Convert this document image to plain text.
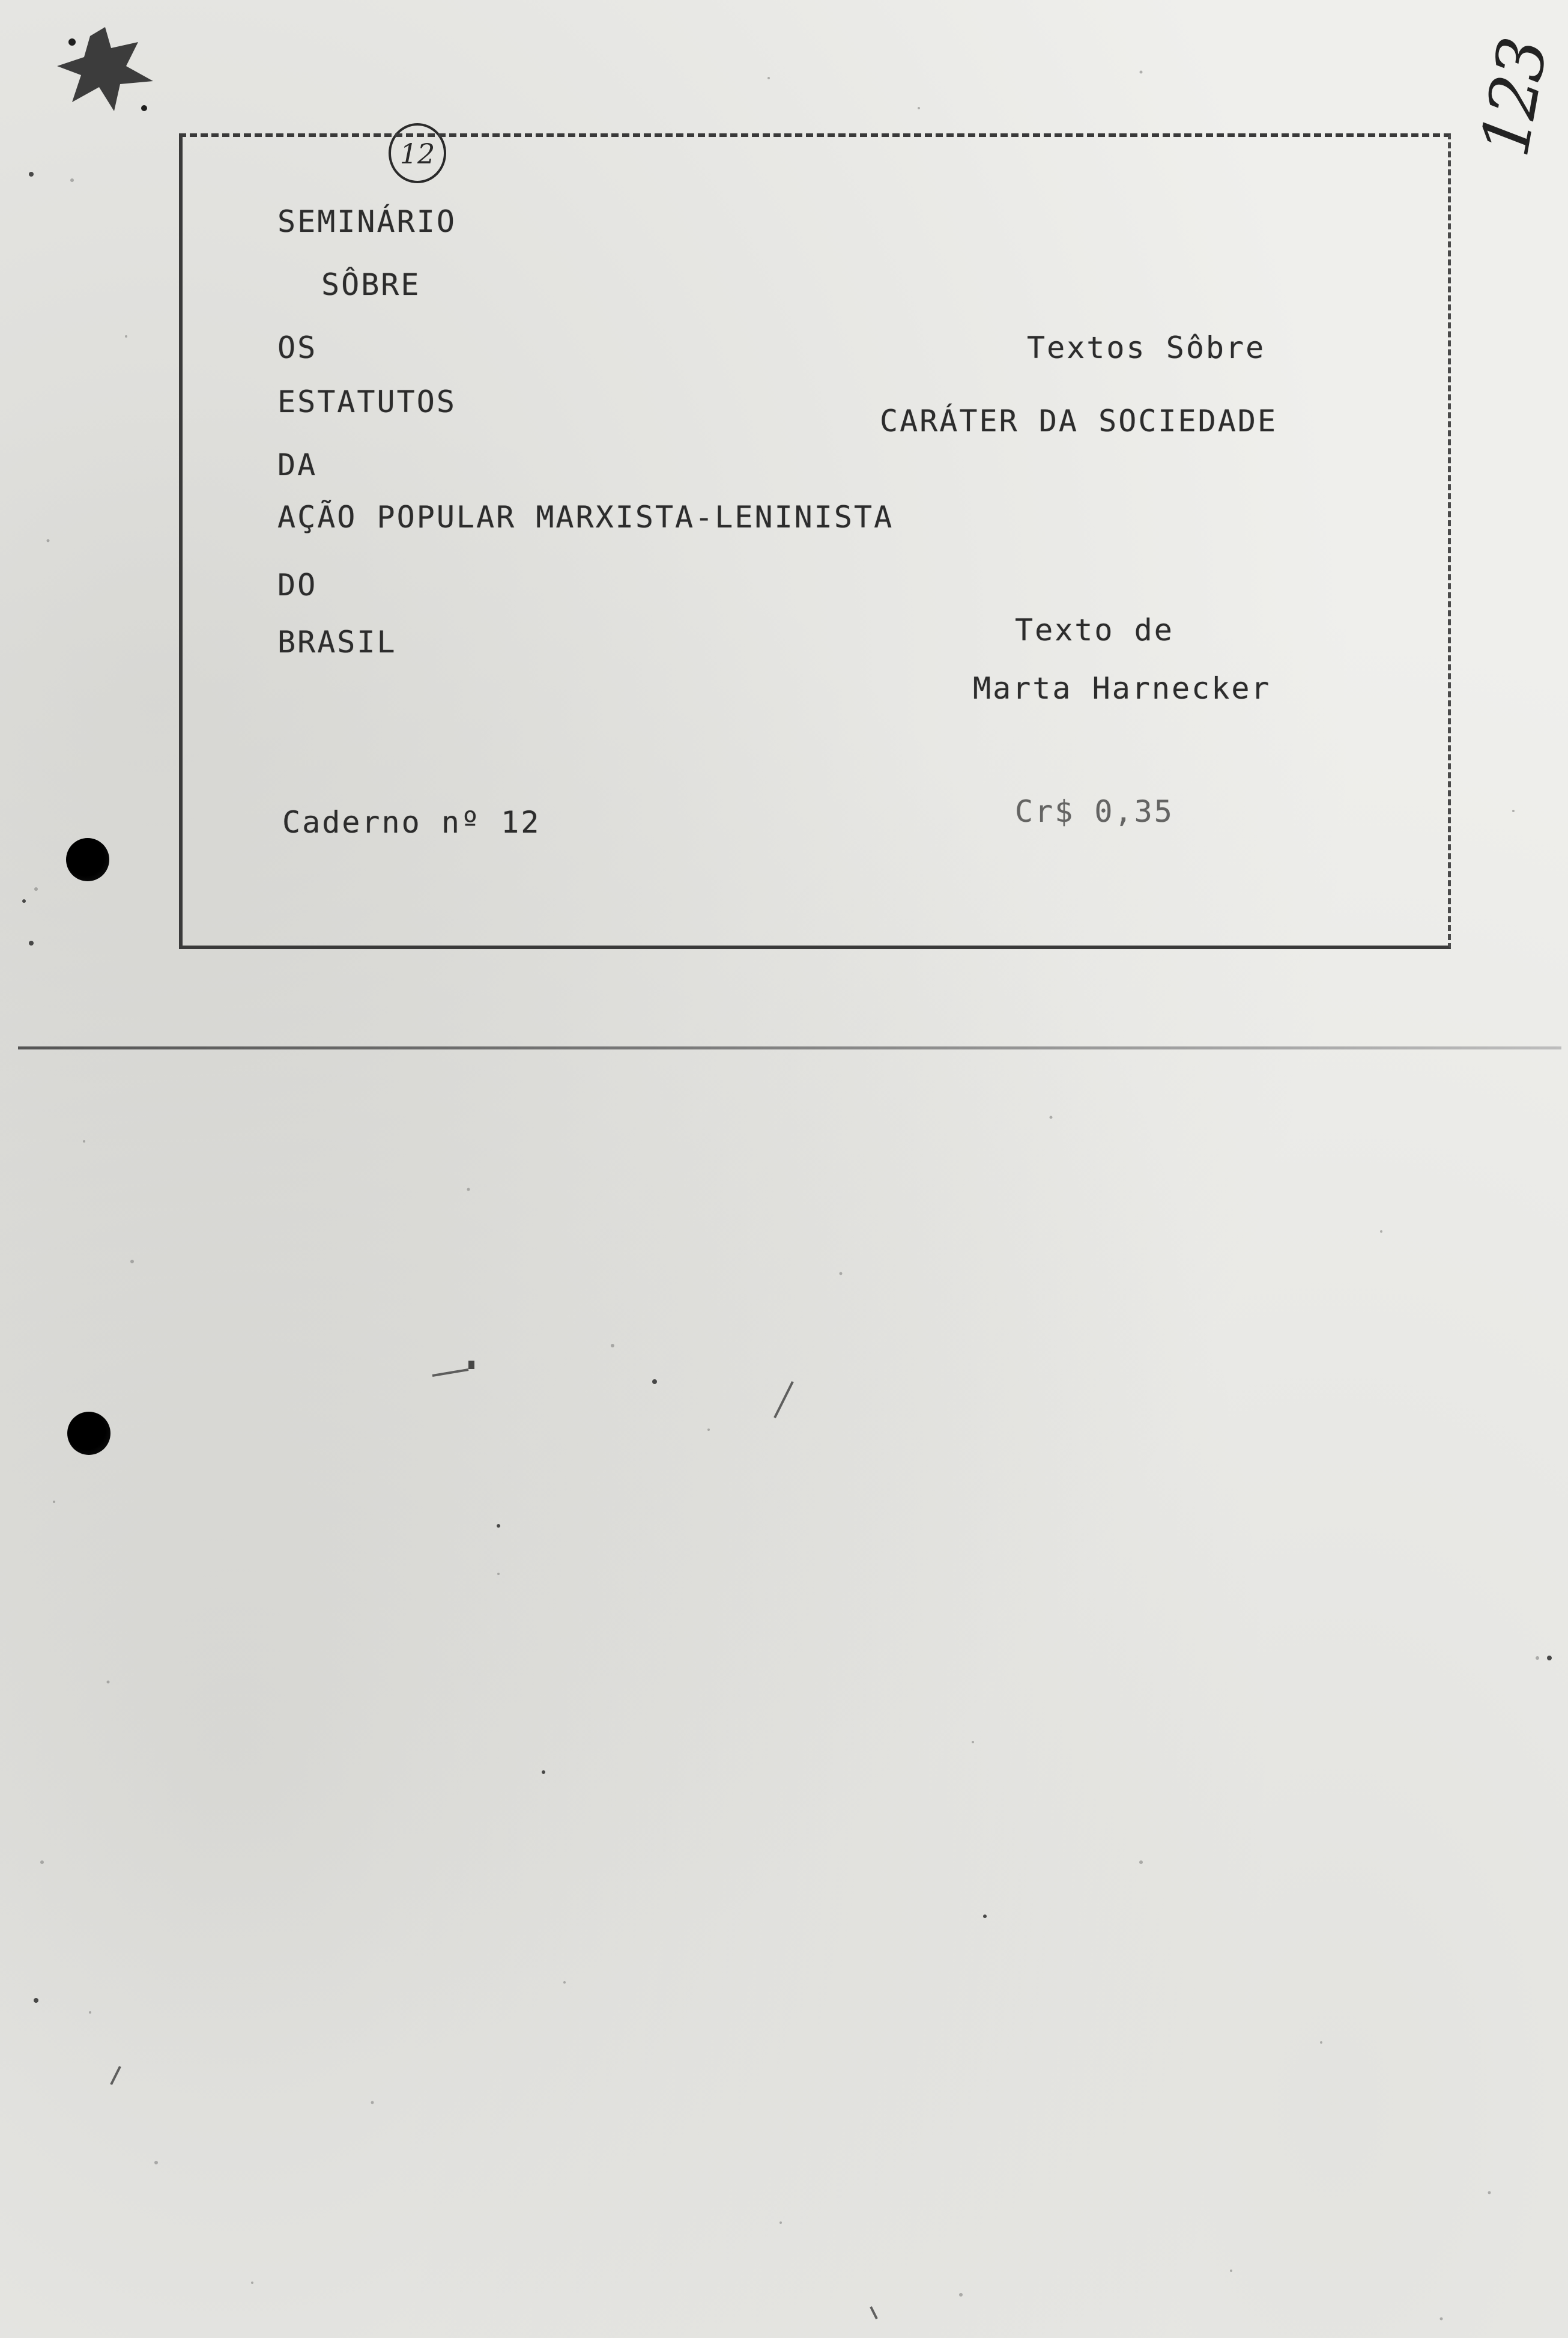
123
12
SEMINÁRIO
SÔBRE
OS
ESTATUTOS
DA
AÇÃO POPULAR MARXISTA-LENINISTA
DO
BRASIL
Caderno nº 12
Textos Sôbre
CARÁTER DA SOCIEDADE
Texto de
Marta Harnecker
Cr$ 0,35
